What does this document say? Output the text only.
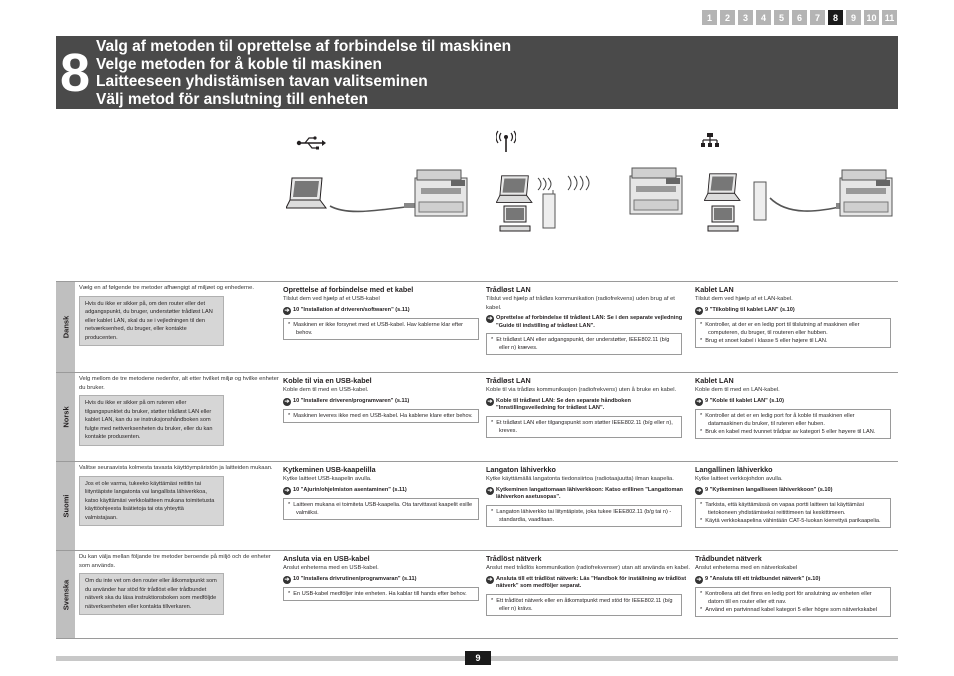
1	2	3	4	5	6	7	8	9	10 11
8 Valg af metoden til oprettelse af forbindelse til maskinen
Velge metoden for å koble til maskinen
Laitteeseen yhdistämisen tavan valitseminen
Välj metod för anslutning till enheten
Dansk
Vælg en af følgende tre metoder afhængigt af miljøet og enhederne.
Hvis du ikke er sikker på, om den router eller det adgangspunkt, du bruger, understøtter trådløst LAN eller kablet LAN, skal du se i vejledningen til den netværksenhed, du bruger, eller kontakte producenten.
Oprettelse af forbindelse med et kabel
Tilslut dem ved hjælp af et USB-kabel
➔ 10 "Installation af driveren/softwaren" (s.11)
*  Maskinen er ikke forsynet med et USB-kabel. Hav kablerne klar efter behov.
Trådløst LAN
Tilslut ved hjælp af trådløs kommunikation (radiofrekvens) uden brug af et kabel.
➔ Oprettelse af forbindelse til trådløst LAN: Se i den separate vejledning "Guide til indstilling af trådløst LAN".
*  Et trådløst LAN eller adgangspunkt, der understøtter, IEEE802.11 (b/g eller n) kræves.
Kablet LAN
Tilslut dem ved hjælp af et LAN-kabel.
➔ 9 "Tilkobling til kablet LAN" (s.10)
*  Kontroller, at der er en ledig port til tilslutning af maskinen eller computeren, du bruger, til routeren eller hubben.
*  Brug et snoet kabel i klasse 5 eller højere til LAN.
Norsk
Velg mellom de tre metodene nedenfor, alt etter hvilket miljø og hvilke enheter du bruker.
Hvis du ikke er sikker på om ruteren eller tilgangspunktet du bruker, støtter trådløst LAN eller kablet LAN, kan du se instruksjonshåndboken som fulgte med nettverksenheten du bruker, eller du kan kontakte produsenten.
Koble til via en USB-kabel
Koble dem til med en USB-kabel.
➔ 10 "Installere driveren/programvaren" (s.11)
*  Maskinen leveres ikke med en USB-kabel. Ha kablene klare etter behov.
Trådløst LAN
Koble til via trådløs kommunikasjon (radiofrekvens) uten å bruke en kabel.
➔ Koble til trådløst LAN: Se den separate håndboken "Innstillingsveiledning for trådløst LAN".
*  Et trådløst LAN eller tilgangspunkt som støtter IEEE802.11 (b/g eller n), kreves.
Kablet LAN
Koble dem til med en LAN-kabel.
➔ 9 "Koble til kablet LAN" (s.10)
*  Kontroller at det er en ledig port for å koble til maskinen eller datamaskinen du bruker, til ruteren eller huben.
*  Bruk en kabel med tvunnet trådpar av kategori 5 eller høyere til LAN.
Suomi
Valitse seuraavista kolmesta tavasta käyttöympäristön ja laitteiden mukaan.
Jos et ole varma, tukeeko käyttämäsi reititin tai liityntäpiste langatonta vai langallista lähiverkkoa, katso käyttämäsi verkkolaitteen mukana toimitetusta käyttöohjeesta lisätietoja tai ota yhteyttä valmistajaan.
Kytkeminen USB-kaapelilla
Kytke laitteet USB-kaapelin avulla.
➔ 10 "Ajurin/ohjelmiston asentaminen" (s.11)
*  Laitteen mukana ei toimiteta USB-kaapelia. Ota tarvittavat kaapelit esille valmiiksi.
Langaton lähiverkko
Kytke käyttämällä langatonta tiedonsiirtoa (radiotaajuutta) ilman kaapelia.
➔ Kytkeminen langattomaan lähiverkkoon: Katso erillinen "Langattoman lähiverkon asetusopas".
*  Langaton lähiverkko tai liityntäpiste, joka tukee IEEE802.11 (b/g tai n) -standardia, vaaditaan.
Langallinen lähiverkko
Kytke laitteet verkkojohdon avulla.
➔ 9 "Kytkeminen langalliseen lähiverkkoon" (s.10)
*  Tarkista, että käyttämässä on vapaa portti laitteen tai käyttämäsi tietokoneen yhdistämiseksi reitittimeen tai keskittimeen.
*  Käytä verkkokaapelina vähintään CAT-5-luokan kierrettyä parikaapelia.
Svenska
Du kan välja mellan följande tre metoder beroende på miljö och de enheter som används.
Om du inte vet om den router eller åtkomstpunkt som du använder har stöd för trådlöst eller trådbundet nätverk ska du läsa instruktionsboken som medföljde nätverksenheten eller kontakta tillverkaren.
Ansluta via en USB-kabel
Anslut enheterna med en USB-kabel.
➔ 10 "Installera drivrutinen/programvaran" (s.11)
*  En USB-kabel medföljer inte enheten. Ha kablar till hands efter behov.
Trådlöst nätverk
Anslut med trådlös kommunikation (radiofrekvenser) utan att använda en kabel.
➔ Ansluta till ett trådlöst nätverk: Läs "Handbok för inställning av trådlöst nätverk" som medföljer separat.
*  Ett trådlöst nätverk eller en åtkomstpunkt med stöd för IEEE802.11 (b/g eller n) krävs.
Trådbundet nätverk
Anslut enheterna med en nätverkskabel
➔ 9 "Ansluta till ett trådbundet nätverk" (s.10)
*  Kontrollera att det finns en ledig port för anslutning av enheten eller datorn till en router eller ett nav.
*  Använd en partvinnad kabel kategori 5 eller högre som nätverkskabel
9
